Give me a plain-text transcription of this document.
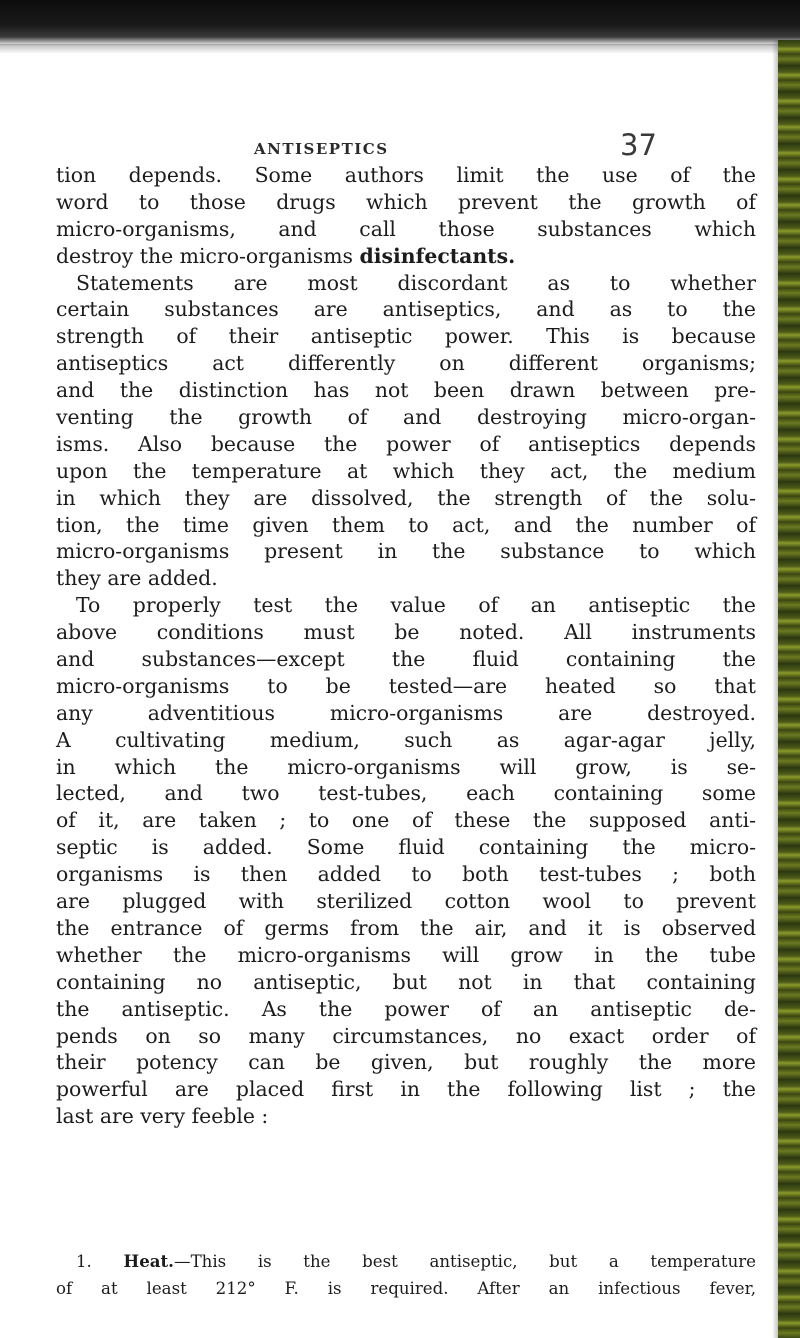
ANTISEPTICS	37
tion depends. Some authors limit the use of the
word to those drugs which prevent the growth of
micro-organisms, and call those substances which
destroy the micro-organisms disinfectants.
Statements are most discordant as to whether
certain substances are antiseptics, and as to the
strength of their antiseptic power. This is because
antiseptics act differently on different organisms;
and the distinction has not been drawn between pre-
venting the growth of and destroying micro-organ-
isms. Also because the power of antiseptics depends
upon the temperature at which they act, the medium
in which they are dissolved, the strength of the solu-
tion, the time given them to act, and the number of
micro-organisms present in the substance to which
they are added.
To properly test the value of an antiseptic the
above conditions must be noted. All instruments
and substances—except the fluid containing the
micro-organisms to be tested—are heated so that
any adventitious micro-organisms are destroyed.
A cultivating medium, such as agar-agar jelly,
in which the micro-organisms will grow, is se-
lected, and two test-tubes, each containing some
of it, are taken ; to one of these the supposed anti-
septic is added. Some fluid containing the micro-
organisms is then added to both test-tubes ; both
are plugged with sterilized cotton wool to prevent
the entrance of germs from the air, and it is observed
whether the micro-organisms will grow in the tube
containing no antiseptic, but not in that containing
the antiseptic. As the power of an antiseptic de-
pends on so many circumstances, no exact order of
their potency can be given, but roughly the more
powerful are placed first in the following list ; the
last are very feeble :
1. Heat.—This is the best antiseptic, but a temperature
of at least 212° F. is required. After an infectious fever,
